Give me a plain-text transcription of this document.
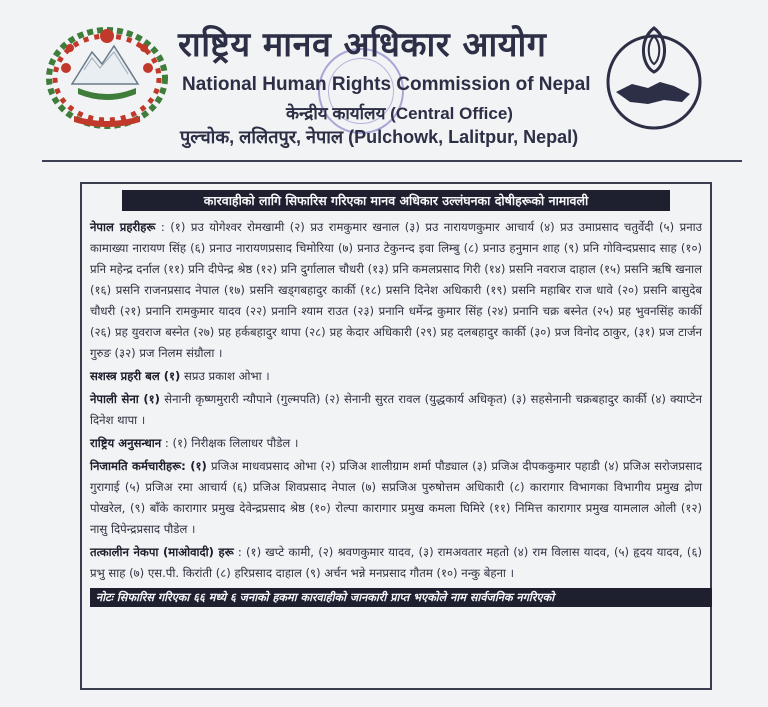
राष्ट्रिय मानव अधिकार आयोग
National Human Rights Commission of Nepal
केन्द्रीय कार्यालय (Central Office)
पुल्चोक, ललितपुर, नेपाल (Pulchowk, Lalitpur, Nepal)
कारवाहीको लागि सिफारिस गरिएका मानव अधिकार उल्लंघनका दोषीहरूको नामावली

नेपाल प्रहरीहरू : (१) प्रउ योगेश्वर रोमखामी (२) प्रउ रामकुमार खनाल (३) प्रउ नारायणकुमार आचार्य (४) प्रउ उमाप्रसाद चतुर्वेदी (५) प्रनाउ कामाख्या नारायण सिंह (६) प्रनाउ नारायणप्रसाद चिमोरिया (७) प्रनाउ टेकुनन्द इवा लिम्बु (८) प्रनाउ हनुमान शाह (९) प्रनि गोविन्दप्रसाद साह (१०) प्रनि महेन्द्र दर्नाल (११) प्रनि दीपेन्द्र श्रेष्ठ (१२) प्रनि दुर्गालाल चौधरी (१३) प्रनि कमलप्रसाद गिरी (१४) प्रसनि नवराज दाहाल (१५) प्रसनि ऋषि खनाल (१६) प्रसनि राजनप्रसाद नेपाल (१७) प्रसनि खड्गबहादुर कार्की (१८) प्रसनि दिनेश अधिकारी (१९) प्रसनि महाबिर राज धावे (२०) प्रसनि बासुदेब चौधरी (२१) प्रनानि रामकुमार यादव (२२) प्रनानि श्याम राउत (२३) प्रनानि धर्मेन्द्र कुमार सिंह (२४) प्रनानि चक्र बस्नेत (२५) प्रह भुवनसिंह कार्की (२६) प्रह युवराज बस्नेत (२७) प्रह हर्कबहादुर थापा (२८) प्रह केदार अधिकारी (२९) प्रह दलबहादुर कार्की (३०) प्रज विनोद ठाकुर, (३१) प्रज टार्जन गुरुङ (३२) प्रज निलम संग्रौला ।

सशस्त्र प्रहरी बल (१) सप्रउ प्रकाश ओभा ।

नेपाली सेना (१) सेनानी कृष्णमुरारी न्यौपाने (गुल्मपति) (२) सेनानी सुरत रावल (युद्धकार्य अधिकृत) (३) सहसेनानी चक्रबहादुर कार्की (४) क्याप्टेन दिनेश थापा ।

राष्ट्रिय अनुसन्धान : (१) निरीक्षक लिलाधर पौडेल ।

निजामति कर्मचारीहरू: (१) प्रजिअ माधवप्रसाद ओभा (२) प्रजिअ शालीग्राम शर्मा पौड्याल (३) प्रजिअ दीपककुमार पहाडी (४) प्रजिअ सरोजप्रसाद गुरागाई (५) प्रजिअ रमा आचार्य (६) प्रजिअ शिवप्रसाद नेपाल (७) सप्रजिअ पुरुषोत्तम अधिकारी (८) कारागार विभागका विभागीय प्रमुख द्रोण पोखरेल, (९) बाँके कारागार प्रमुख देवेन्द्रप्रसाद श्रेष्ठ (१०) रोल्पा कारागार प्रमुख कमला घिमिरे (११) निमित्त कारागार प्रमुख यामलाल ओली (१२) नासु दिपेन्द्रप्रसाद पौडेल ।

तत्कालीन नेकपा (माओवादी) हरू : (१) खप्टे कामी, (२) श्रवणकुमार यादव, (३) रामअवतार महतो (४) राम विलास यादव, (५) हृदय यादव, (६) प्रभु साह (७) एस.पी. किरांती (८) हरिप्रसाद दाहाल (९) अर्चन भन्ने मनप्रसाद गौतम (१०) नन्कु बेहना ।

नोटः सिफारिस गरिएका ६६ मध्ये ६ जनाको हकमा कारवाहीको जानकारी प्राप्त भएकोले नाम सार्वजनिक नगरिएको
